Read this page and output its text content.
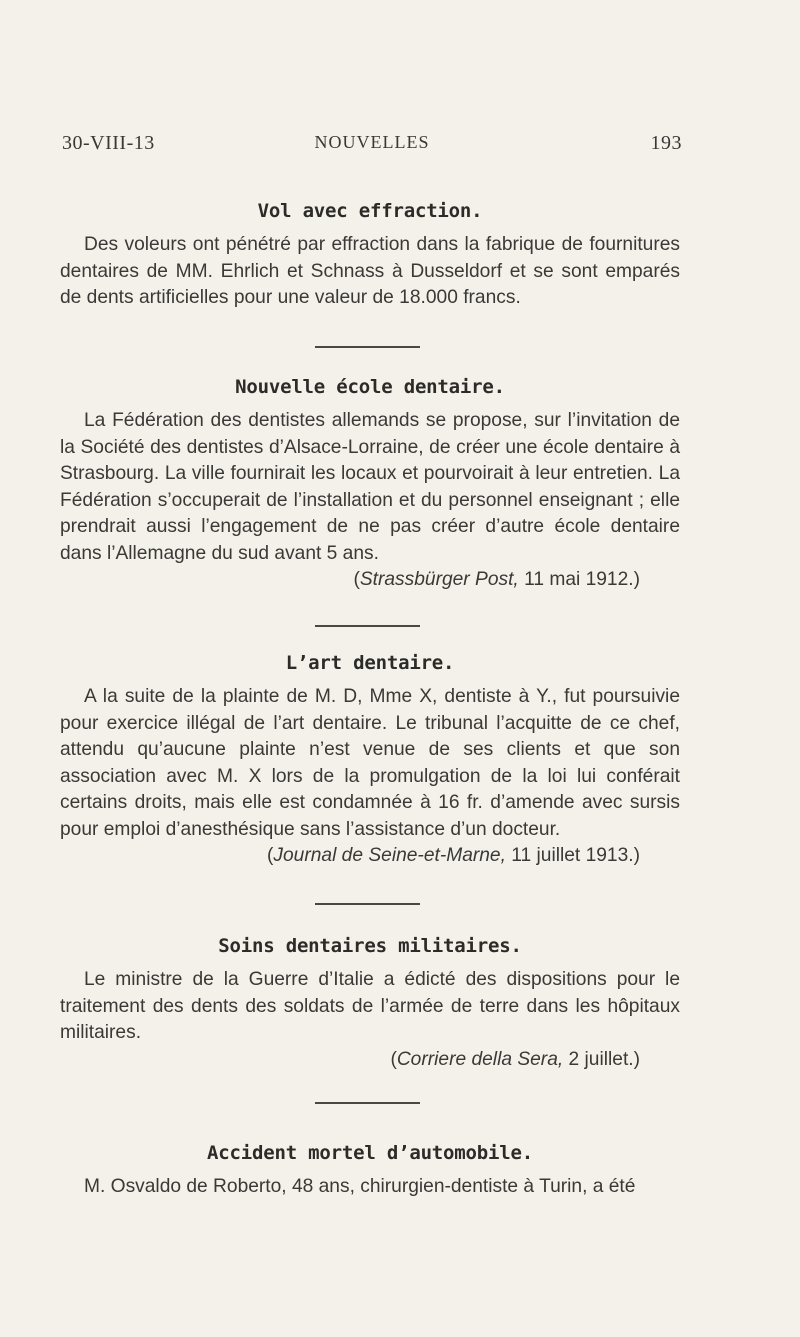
30-VIII-13	NOUVELLES	193
Vol avec effraction.

Des voleurs ont pénétré par effraction dans la fabrique de fournitures dentaires de MM. Ehrlich et Schnass à Dusseldorf et se sont emparés de dents artificielles pour une valeur de 18.000 francs.

Nouvelle école dentaire.

La Fédération des dentistes allemands se propose, sur l’invitation de la Société des dentistes d’Alsace-Lorraine, de créer une école dentaire à Strasbourg. La ville fournirait les locaux et pourvoirait à leur entretien. La Fédération s’occuperait de l’installation et du personnel enseignant ; elle prendrait aussi l’engagement de ne pas créer d’autre école dentaire dans l’Allemagne du sud avant 5 ans.

(Strassbürger Post, 11 mai 1912.)

L’art dentaire.

A la suite de la plainte de M. D, Mme X, dentiste à Y., fut poursuivie pour exercice illégal de l’art dentaire. Le tribunal l’acquitte de ce chef, attendu qu’aucune plainte n’est venue de ses clients et que son association avec M. X lors de la promulgation de la loi lui conférait certains droits, mais elle est condamnée à 16 fr. d’amende avec sursis pour emploi d’anesthésique sans l’assistance d’un docteur.

(Journal de Seine-et-Marne, 11 juillet 1913.)

Soins dentaires militaires.

Le ministre de la Guerre d’Italie a édicté des dispositions pour le traitement des dents des soldats de l’armée de terre dans les hôpitaux militaires.

(Corriere della Sera, 2 juillet.)

Accident mortel d’automobile.

M. Osvaldo de Roberto, 48 ans, chirurgien-dentiste à Turin, a été
